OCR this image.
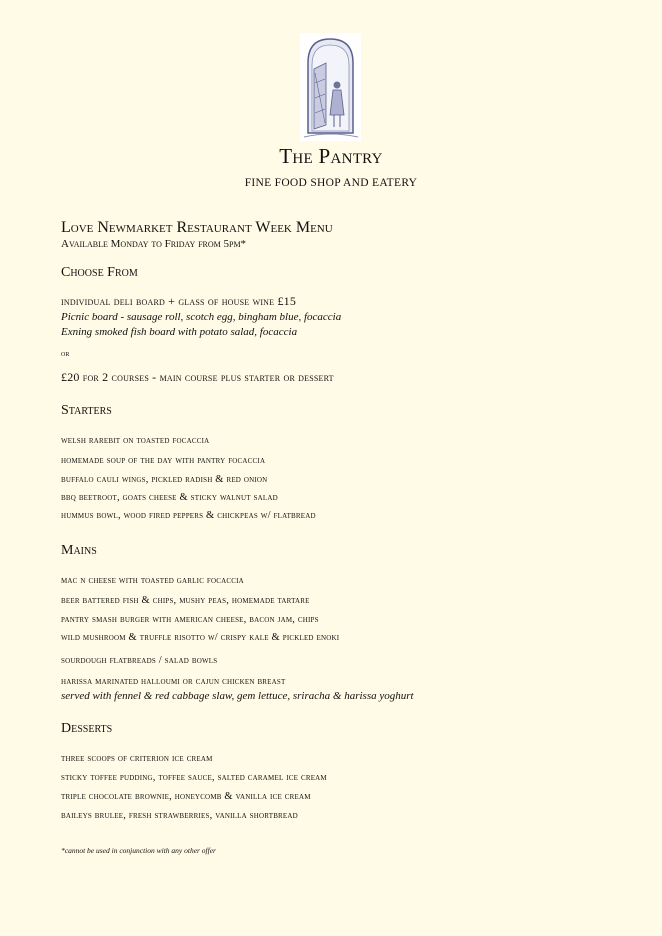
The Pantry
FINE FOOD SHOP AND EATERY
Love Newmarket Restaurant Week Menu
Available Monday to Friday from 5pm*
Choose From
individual deli board + glass of house wine £15
Picnic board - sausage roll, scotch egg, bingham blue, focaccia
Exning smoked fish board with potato salad, focaccia
or
£20 for 2 courses - main course plus starter or dessert
Starters
welsh rarebit on toasted focaccia
homemade soup of the day with pantry focaccia
buffalo cauli wings, pickled radish & red onion
bbq beetroot, goats cheese & sticky walnut salad
hummus bowl, wood fired peppers & chickpeas w/ flatbread
Mains
mac n cheese with toasted garlic focaccia
beer battered fish & chips, mushy peas, homemade tartare
pantry smash burger with american cheese, bacon jam, chips
wild mushroom & truffle risotto w/ crispy kale & pickled enoki
sourdough flatbreads / salad bowls
harissa marinated halloumi or cajun chicken breast
served with fennel & red cabbage slaw, gem lettuce, sriracha & harissa yoghurt
Desserts
three scoops of criterion ice cream
sticky toffee pudding, toffee sauce, salted caramel ice cream
triple chocolate brownie, honeycomb & vanilla ice cream
baileys brulee, fresh strawberries, vanilla shortbread
*cannot be used in conjunction with any other offer
